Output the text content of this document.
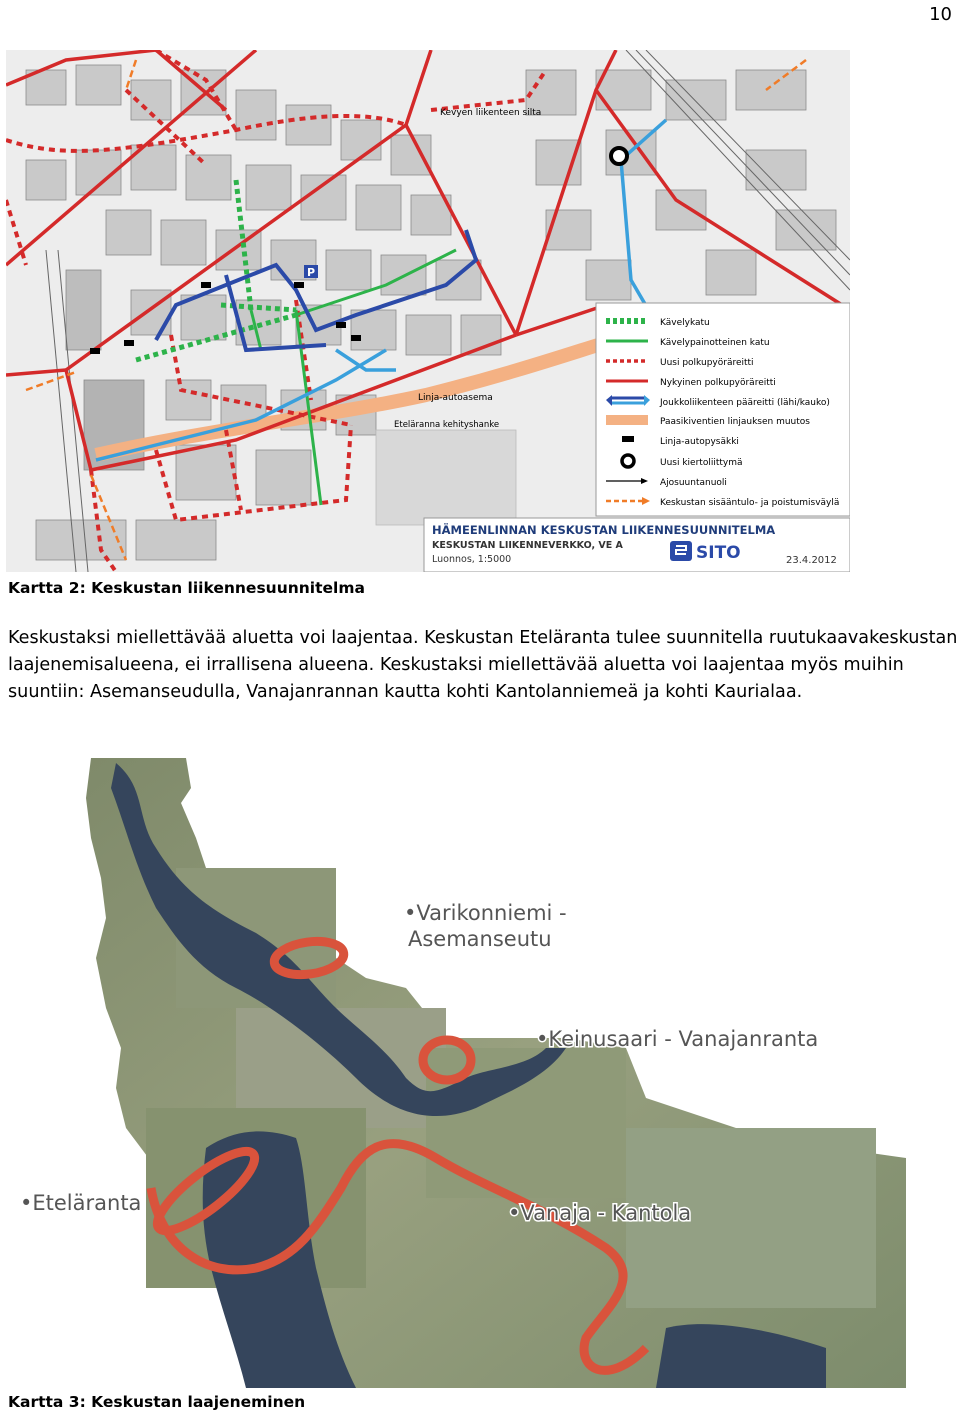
10
P
Kevyen liikenteen silta
Linja-autoasema
Eteläranna kehityshanke
Kävelykatu
Kävelypainotteinen katu
Uusi polkupyöräreitti
Nykyinen polkupyöräreitti
Joukkoliikenteen pääreitti (lähi/kauko)
Paasikiventien linjauksen muutos
Linja-autopysäkki
Uusi kiertoliittymä
Ajosuuntanuoli
Keskustan sisääntulo- ja poistumisväylä
HÄMEENLINNAN KESKUSTAN LIIKENNESUUNNITELMA
KESKUSTAN LIIKENNEVERKKO, VE A
Luonnos, 1:5000	SITO	23.4.2012
Kartta 2: Keskustan liikennesuunnitelma
Keskustaksi miellettävää aluetta voi laajentaa. Keskustan Eteläranta tulee suunnitella ruutukaavakeskustan laajenemisalueena, ei irrallisena alueena. Keskustaksi miellettävää aluetta voi laajentaa myös muihin suuntiin: Asemanseudulla, Vanajanrannan kautta kohti Kantolanniemeä ja kohti Kaurialaa.
•Varikonniemi -
Asemanseutu
•Keinusaari - Vanajanranta
•Eteläranta	•Vanaja - Kantola
Kartta 3: Keskustan laajeneminen
